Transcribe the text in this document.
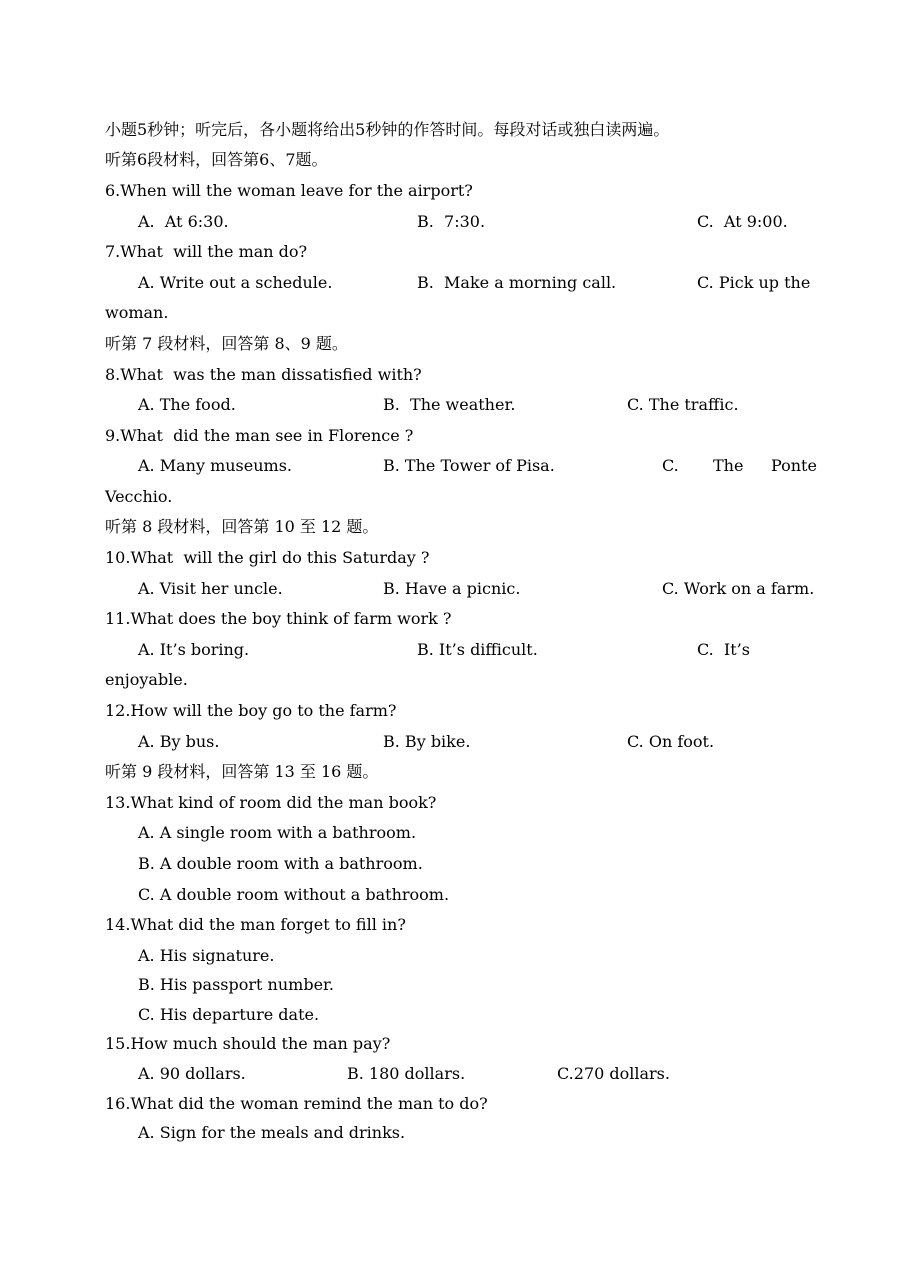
小题5秒钟；听完后，各小题将给出5秒钟的作答时间。每段对话或独白读两遍。
听第6段材料，回答第6、7题。
6.When will the woman leave for the airport?
A.  At 6:30.	B.  7:30.	C.  At 9:00.
7.What  will the man do?
A. Write out a schedule.	B.  Make a morning call.	C. Pick up the
woman.
听第 7 段材料，回答第 8、9 题。
8.What  was the man dissatisfied with?
A. The food.	B.  The weather.	C. The traffic.
9.What  did the man see in Florence ?
A. Many museums.	B. The Tower of Pisa.	C. The Ponte
Vecchio.
听第 8 段材料，回答第 10 至 12 题。
10.What  will the girl do this Saturday ?
A. Visit her uncle.	B. Have a picnic.	C. Work on a farm.
11.What does the boy think of farm work ?
A. It’s boring.	B. It’s difficult.	C.  It’s
enjoyable.
12.How will the boy go to the farm?
A. By bus.	B. By bike.	C. On foot.
听第 9 段材料，回答第 13 至 16 题。
13.What kind of room did the man book?
A. A single room with a bathroom.
B. A double room with a bathroom.
C. A double room without a bathroom.
14.What did the man forget to fill in?
A. His signature.
B. His passport number.
C. His departure date.
15.How much should the man pay?
A. 90 dollars.	B. 180 dollars.	C.270 dollars.
16.What did the woman remind the man to do?
A. Sign for the meals and drinks.
